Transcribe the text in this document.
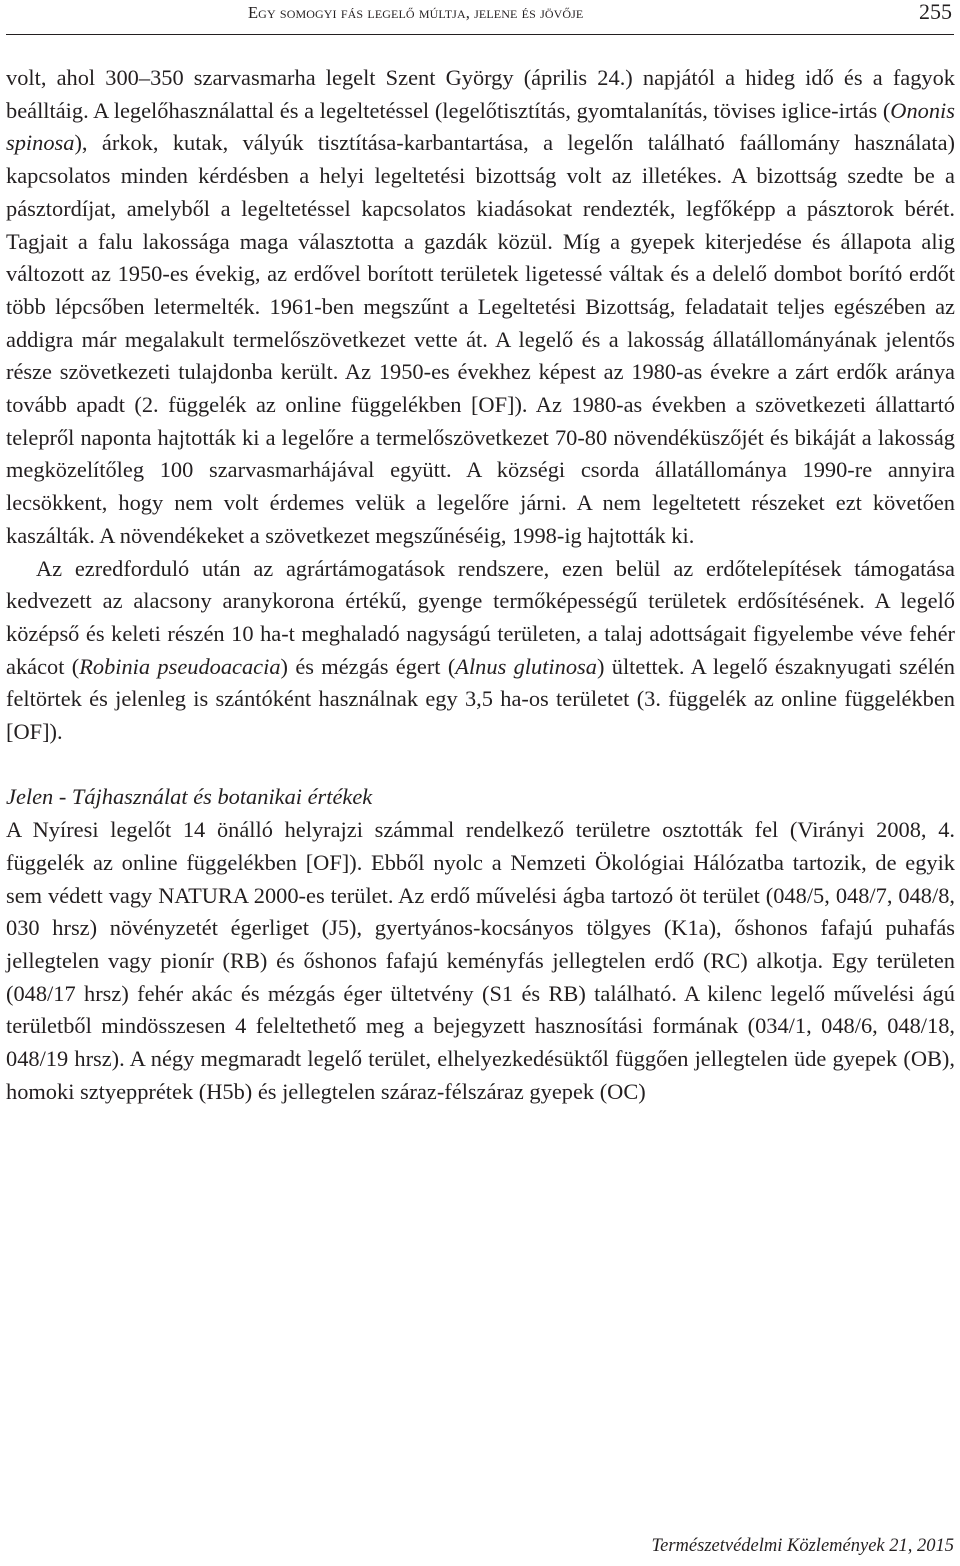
Egy somogyi fás legelő múltja, jelene és jövője	255

volt, ahol 300–350 szarvasmarha legelt Szent György (április 24.) napjától a hideg idő és a fagyok beálltáig. A legelőhasználattal és a legeltetéssel (legelőtisztítás, gyomtalanítás, tövises iglice-irtás (Ononis spinosa), árkok, kutak, vályúk tisztítása-karbantartása, a legelőn található faállomány használata) kapcsolatos minden kérdésben a helyi legeltetési bizottság volt az illetékes. A bizottság szedte be a pásztordíjat, amelyből a legeltetéssel kapcsolatos kiadásokat rendezték, legfőképp a pásztorok bérét. Tagjait a falu lakossága maga választotta a gazdák közül. Míg a gyepek kiterjedése és állapota alig változott az 1950-es évekig, az erdővel borított területek ligetessé váltak és a delelő dombot borító erdőt több lépcsőben letermelték. 1961-ben megszűnt a Legeltetési Bizottság, feladatait teljes egészében az addigra már megalakult termelőszövetkezet vette át. A legelő és a lakosság állatállományának jelentős része szövetkezeti tulajdonba került. Az 1950-es évekhez képest az 1980-as évekre a zárt erdők aránya tovább apadt (2. függelék az online függelékben [OF]). Az 1980-as években a szövetkezeti állattartó telepről naponta hajtották ki a legelőre a termelőszövetkezet 70-80 növendéküszőjét és bikáját a lakosság megközelítőleg 100 szarvasmarhájával együtt. A községi csorda állatállománya 1990-re annyira lecsökkent, hogy nem volt érdemes velük a legelőre járni. A nem legeltetett részeket ezt követően kaszálták. A növendékeket a szövetkezet megszűnéséig, 1998-ig hajtották ki.

Az ezredforduló után az agrártámogatások rendszere, ezen belül az erdőtelepítések támogatása kedvezett az alacsony aranykorona értékű, gyenge termőképességű területek erdősítésének. A legelő középső és keleti részén 10 ha-t meghaladó nagyságú területen, a talaj adottságait figyelembe véve fehér akácot (Robinia pseudoacacia) és mézgás égert (Alnus glutinosa) ültettek. A legelő északnyugati szélén feltörtek és jelenleg is szántóként használnak egy 3,5 ha-os területet (3. függelék az online függelékben [OF]).

Jelen - Tájhasználat és botanikai értékek

A Nyíresi legelőt 14 önálló helyrajzi számmal rendelkező területre osztották fel (Virányi 2008, 4. függelék az online függelékben [OF]). Ebből nyolc a Nemzeti Ökológiai Hálózatba tartozik, de egyik sem védett vagy NATURA 2000-es terület. Az erdő művelési ágba tartozó öt terület (048/5, 048/7, 048/8, 030 hrsz) növényzetét égerliget (J5), gyertyános-kocsányos tölgyes (K1a), őshonos fafajú puhafás jellegtelen vagy pionír (RB) és őshonos fafajú keményfás jellegtelen erdő (RC) alkotja. Egy területen (048/17 hrsz) fehér akác és mézgás éger ültetvény (S1 és RB) található. A kilenc legelő művelési ágú területből mindösszesen 4 feleltethető meg a bejegyzett hasznosítási formának (034/1, 048/6, 048/18, 048/19 hrsz). A négy megmaradt legelő terület, elhelyezkedésüktől függően jellegtelen üde gyepek (OB), homoki sztyepprétek (H5b) és jellegtelen száraz-félszáraz gyepek (OC)

Természetvédelmi Közlemények 21, 2015
